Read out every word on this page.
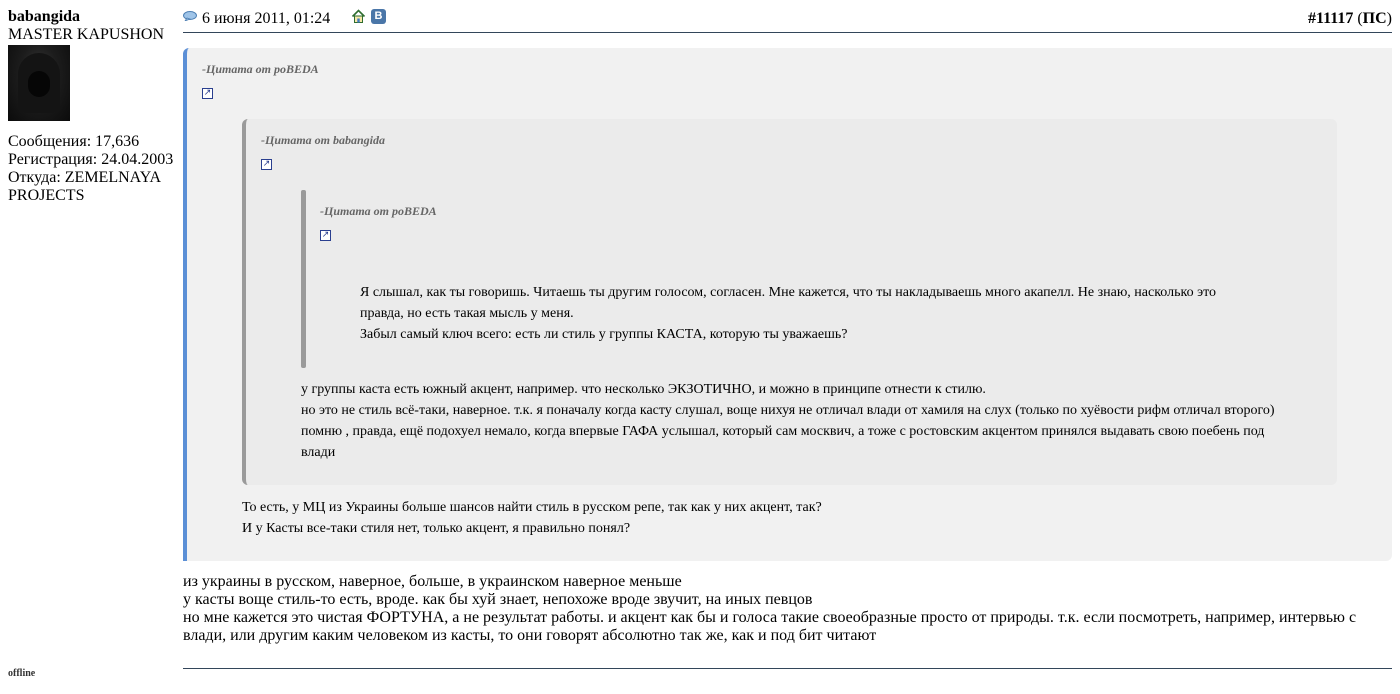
babangida
MASTER KAPUSHON
Сообщения: 17,636
Регистрация: 24.04.2003
Откуда: ZEMELNAYA
PROJECTS
offline
6 июня 2011, 01:24	B	#11117 (ПС)
-Цитата от poBEDA
↗
-Цитата от babangida
↗
-Цитата от poBEDA
↗
Я слышал, как ты говоришь. Читаешь ты другим голосом, согласен. Мне кажется, что ты накладываешь много акапелл. Не знаю, насколько это
правда, но есть такая мысль у меня.
Забыл самый ключ всего: есть ли стиль у группы КАСТА, которую ты уважаешь?
у группы каста есть южный акцент, например. что несколько ЭКЗОТИЧНО, и можно в принципе отнести к стилю.
но это не стиль всё-таки, наверное. т.к. я поначалу когда касту слушал, воще нихуя не отличал влади от хамиля на слух (только по хуёвости рифм отличал второго)
помню , правда, ещё подохуел немало, когда впервые ГАФА услышал, который сам москвич, а тоже с ростовским акцентом принялся выдавать свою поебень под
влади
То есть, у МЦ из Украины больше шансов найти стиль в русском репе, так как у них акцент, так?
И у Касты все-таки стиля нет, только акцент, я правильно понял?
из украины в русском, наверное, больше, в украинском наверное меньше
у касты воще стиль-то есть, вроде. как бы хуй знает, непохоже вроде звучит, на иных певцов
но мне кажется это чистая ФОРТУНА, а не результат работы. и акцент как бы и голоса такие своеобразные просто от природы. т.к. если посмотреть, например, интервью с
влади, или другим каким человеком из касты, то они говорят абсолютно так же, как и под бит читают
